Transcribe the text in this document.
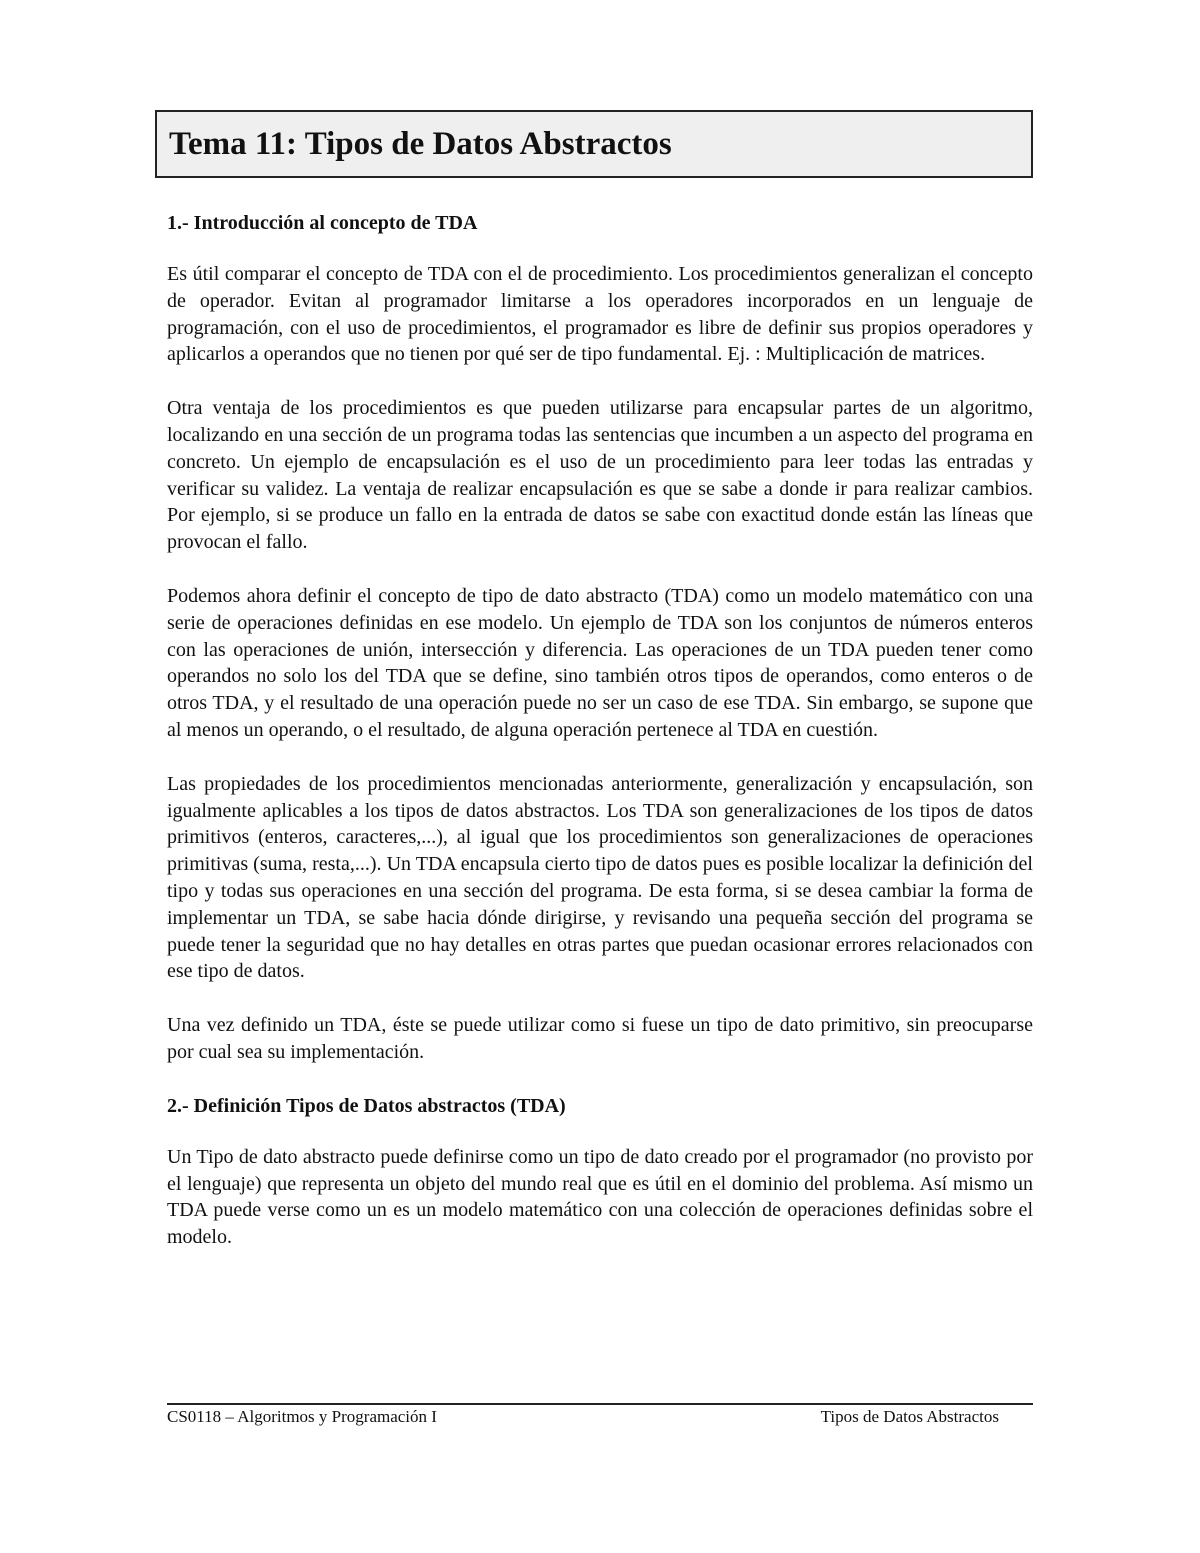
Tema 11: Tipos de Datos Abstractos
1.- Introducción al concepto de TDA

Es útil comparar el concepto de TDA con el de procedimiento. Los procedimientos generalizan el concepto de operador. Evitan al programador limitarse a los operadores incorporados en un lenguaje de programación, con el uso de procedimientos, el programador es libre de definir sus propios operadores y aplicarlos a operandos que no tienen por qué ser de tipo fundamental. Ej. : Multiplicación de matrices.

Otra ventaja de los procedimientos es que pueden utilizarse para encapsular partes de un algoritmo, localizando en una sección de un programa todas las sentencias que incumben a un aspecto del programa en concreto. Un ejemplo de encapsulación es el uso de un procedimiento para leer todas las entradas y verificar su validez. La ventaja de realizar encapsulación es que se sabe a donde ir para realizar cambios. Por ejemplo, si se produce un fallo en la entrada de datos se sabe con exactitud donde están las líneas que provocan el fallo.

Podemos ahora definir el concepto de tipo de dato abstracto (TDA) como un modelo matemático con una serie de operaciones definidas en ese modelo. Un ejemplo de TDA son los conjuntos de números enteros con las operaciones de unión, intersección y diferencia. Las operaciones de un TDA pueden tener como operandos no solo los del TDA que se define, sino también otros tipos de operandos, como enteros o de otros TDA, y el resultado de una operación puede no ser un caso de ese TDA. Sin embargo, se supone que al menos un operando, o el resultado, de alguna operación pertenece al TDA en cuestión.

Las propiedades de los procedimientos mencionadas anteriormente, generalización y encapsulación, son igualmente aplicables a los tipos de datos abstractos. Los TDA son generalizaciones de los tipos de datos primitivos (enteros, caracteres,...), al igual que los procedimientos son generalizaciones de operaciones primitivas (suma, resta,...). Un TDA encapsula cierto tipo de datos pues es posible localizar la definición del tipo y todas sus operaciones en una sección del programa. De esta forma, si se desea cambiar la forma de implementar un TDA, se sabe hacia dónde dirigirse, y revisando una pequeña sección del programa se puede tener la seguridad que no hay detalles en otras partes que puedan ocasionar errores relacionados con ese tipo de datos.

Una vez definido un TDA, éste se puede utilizar como si fuese un tipo de dato primitivo, sin preocuparse por cual sea su implementación.

2.- Definición Tipos de Datos abstractos (TDA)

Un Tipo de dato abstracto puede definirse como un tipo de dato creado por el programador (no provisto por el lenguaje) que representa un objeto del mundo real que es útil en el dominio del problema. Así mismo un TDA puede verse como un es un modelo matemático con una colección de operaciones definidas sobre el modelo.

CS0118 – Algoritmos y Programación I	Tipos de Datos Abstractos
